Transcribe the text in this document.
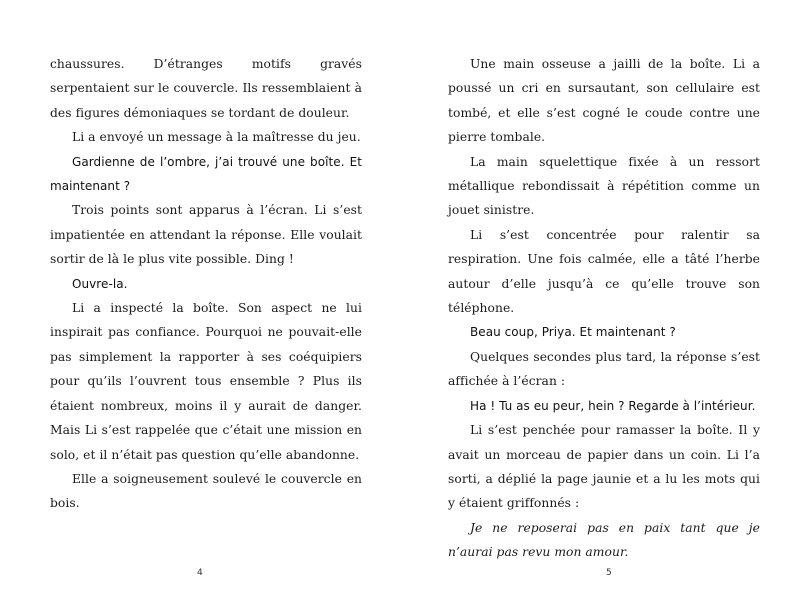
chaussures. D’étranges motifs gravés serpentaient sur le couvercle. Ils ressemblaient à des figures démoniaques se tordant de douleur.

Li a envoyé un message à la maîtresse du jeu.

Gardienne de l’ombre, j’ai trouvé une boîte. Et maintenant ?

Trois points sont apparus à l’écran. Li s’est impatientée en attendant la réponse. Elle voulait sortir de là le plus vite possible. Ding !

Ouvre-la.

Li a inspecté la boîte. Son aspect ne lui inspirait pas confiance. Pourquoi ne pouvait-elle pas simplement la rapporter à ses coéquipiers pour qu’ils l’ouvrent tous ensemble ? Plus ils étaient nombreux, moins il y aurait de danger. Mais Li s’est rappelée que c’était une mission en solo, et il n’était pas question qu’elle abandonne.

Elle a soigneusement soulevé le couvercle en bois.

Une main osseuse a jailli de la boîte. Li a poussé un cri en sursautant, son cellulaire est tombé, et elle s’est cogné le coude contre une pierre tombale.

La main squelettique fixée à un ressort métallique rebondissait à répétition comme un jouet sinistre.

Li s’est concentrée pour ralentir sa respiration. Une fois calmée, elle a tâté l’herbe autour d’elle jusqu’à ce qu’elle trouve son téléphone.

Beau coup, Priya. Et maintenant ?

Quelques secondes plus tard, la réponse s’est affichée à l’écran :

Ha ! Tu as eu peur, hein ? Regarde à l’intérieur.

Li s’est penchée pour ramasser la boîte. Il y avait un morceau de papier dans un coin. Li l’a sorti, a déplié la page jaunie et a lu les mots qui y étaient griffonnés :

Je ne reposerai pas en paix tant que je n’aurai pas revu mon amour.

4	5
